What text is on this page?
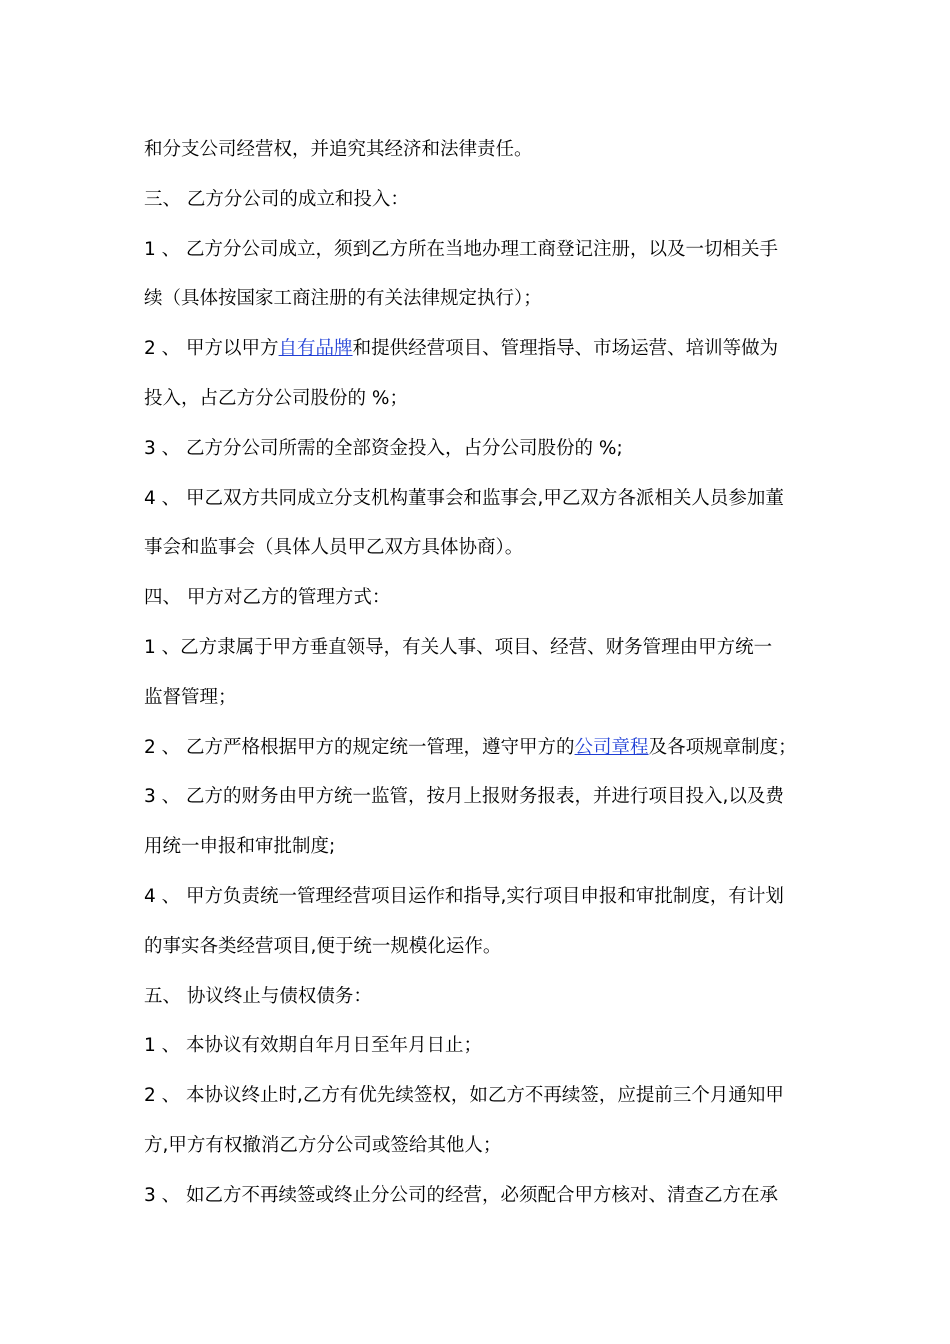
和分支公司经营权，并追究其经济和法律责任。
三、 乙方分公司的成立和投入：
1 、 乙方分公司成立，须到乙方所在当地办理工商登记注册，以及一切相关手
续（具体按国家工商注册的有关法律规定执行）；
2 、 甲方以甲方自有品牌和提供经营项目、管理指导、市场运营、培训等做为
投入，占乙方分公司股份的 %；
3 、 乙方分公司所需的全部资金投入，占分公司股份的 %;
4 、 甲乙双方共同成立分支机构董事会和监事会,甲乙双方各派相关人员参加董
事会和监事会（具体人员甲乙双方具体协商）。
四、 甲方对乙方的管理方式：
1 、乙方隶属于甲方垂直领导，有关人事、项目、经营、财务管理由甲方统一
监督管理；
2 、 乙方严格根据甲方的规定统一管理，遵守甲方的公司章程及各项规章制度；
3 、 乙方的财务由甲方统一监管，按月上报财务报表，并进行项目投入,以及费
用统一申报和审批制度;
4 、 甲方负责统一管理经营项目运作和指导,实行项目申报和审批制度，有计划
的事实各类经营项目,便于统一规模化运作。
五、 协议终止与债权债务：
1 、 本协议有效期自年月日至年月日止；
2 、 本协议终止时,乙方有优先续签权，如乙方不再续签，应提前三个月通知甲
方,甲方有权撤消乙方分公司或签给其他人；
3 、 如乙方不再续签或终止分公司的经营，必须配合甲方核对、清查乙方在承
